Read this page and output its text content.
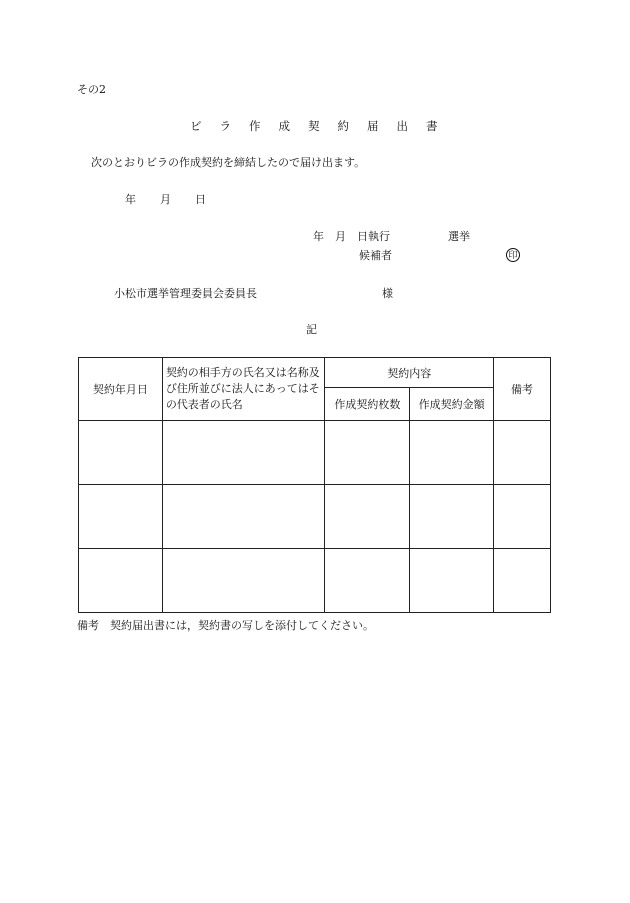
その2
ビ ラ 作 成 契 約 届 出 書
次のとおりビラの作成契約を締結したので届け出ます。
年 月 日
年 月 日執行	選挙
候補者	印
小松市選挙管理委員会委員長	様
記
契約年月日	契約の相手方の氏名又は名称及び住所並びに法人にあってはその代表者の氏名	契約内容		備考
		作成契約枚数	作成契約金額	

備考 契約届出書には，契約書の写しを添付してください。
